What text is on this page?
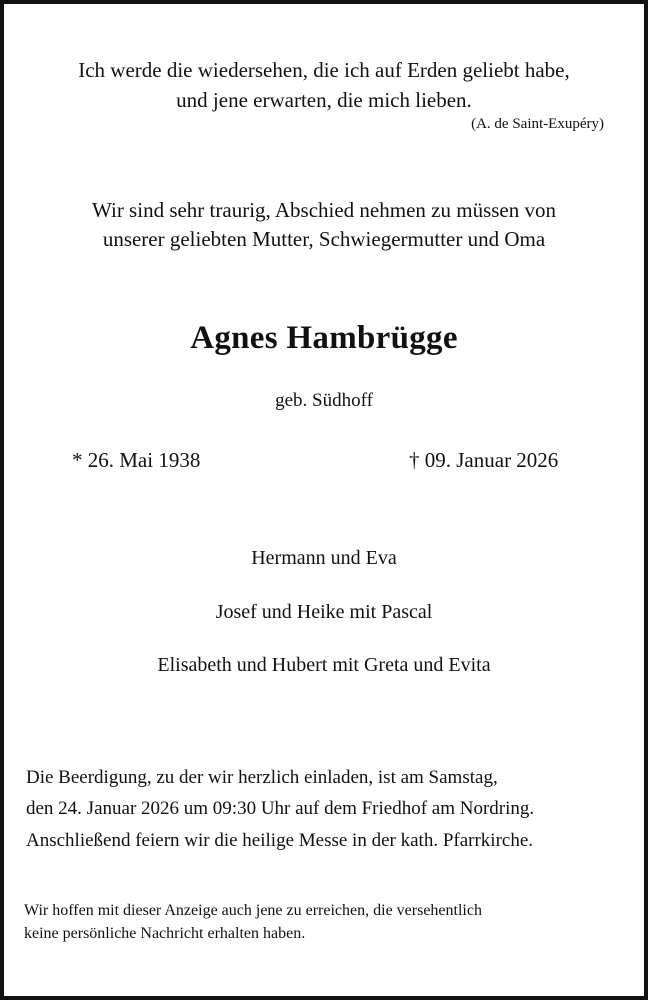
Ich werde die wiedersehen, die ich auf Erden geliebt habe,
und jene erwarten, die mich lieben.
(A. de Saint-Exupéry)
Wir sind sehr traurig, Abschied nehmen zu müssen von
unserer geliebten Mutter, Schwiegermutter und Oma
Agnes Hambrügge
geb. Südhoff
* 26. Mai 1938	† 09. Januar 2026
Hermann und Eva
Josef und Heike mit Pascal
Elisabeth und Hubert mit Greta und Evita
Die Beerdigung, zu der wir herzlich einladen, ist am Samstag,
den 24. Januar 2026 um 09:30 Uhr auf dem Friedhof am Nordring.
Anschließend feiern wir die heilige Messe in der kath. Pfarrkirche.
Wir hoffen mit dieser Anzeige auch jene zu erreichen, die versehentlich
keine persönliche Nachricht erhalten haben.
